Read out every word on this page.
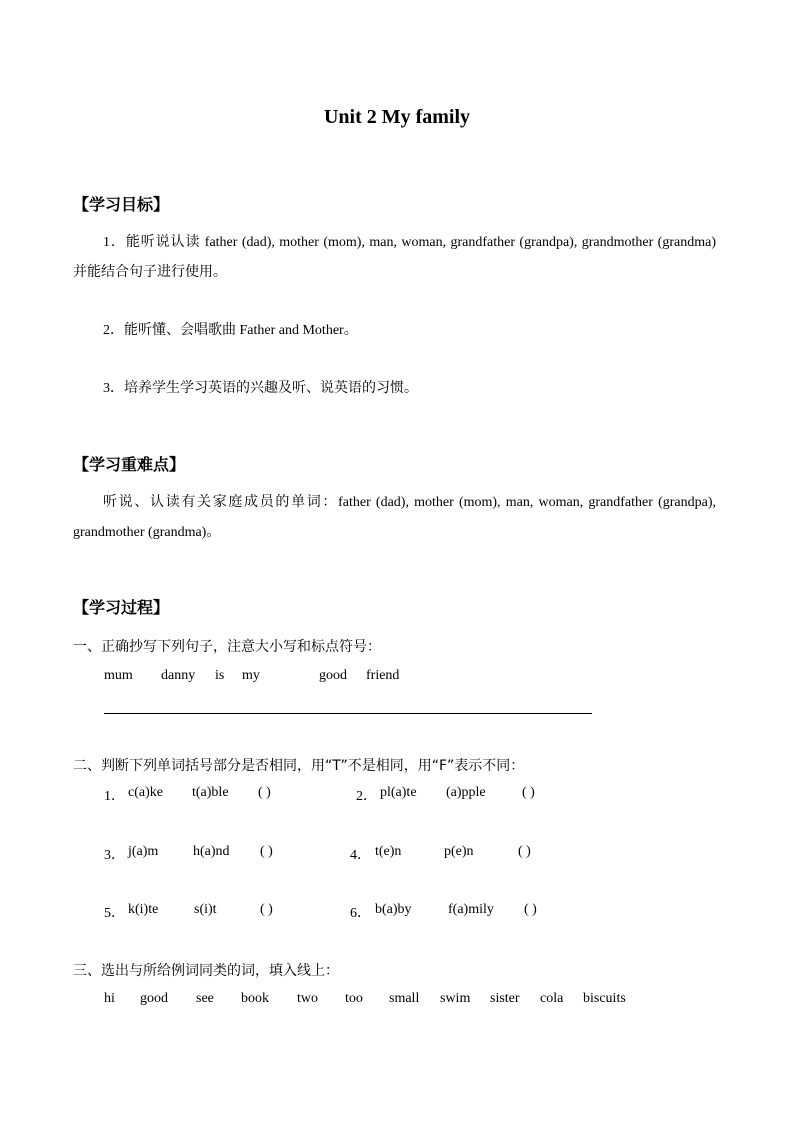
Unit 2 My family
【学习目标】
1．能听说认读 father (dad), mother (mom), man, woman, grandfather (grandpa), grandmother (grandma) 并能结合句子进行使用。
2．能听懂、会唱歌曲 Father and Mother。
3．培养学生学习英语的兴趣及听、说英语的习惯。
【学习重难点】
听说、认读有关家庭成员的单词：father (dad), mother (mom), man, woman, grandfather (grandpa), grandmother (grandma)。
【学习过程】
一、正确抄写下列句子，注意大小写和标点符号：
mum danny is my	good friend
二、判断下列单词括号部分是否相同，用“T”不是相同，用“F”表示不同：
1． c(a)ke t(a)ble ( )	2． pl(a)te (a)pple	( )
3． j(a)m h(a)nd ( )	4． t(e)n	p(e)n	( )
5． k(i)te	s(i)t	( )	6． b(a)by	f(a)mily ( )
三、选出与所给例词同类的词，填入线上：
hi good see book two too small swim sister cola biscuits
